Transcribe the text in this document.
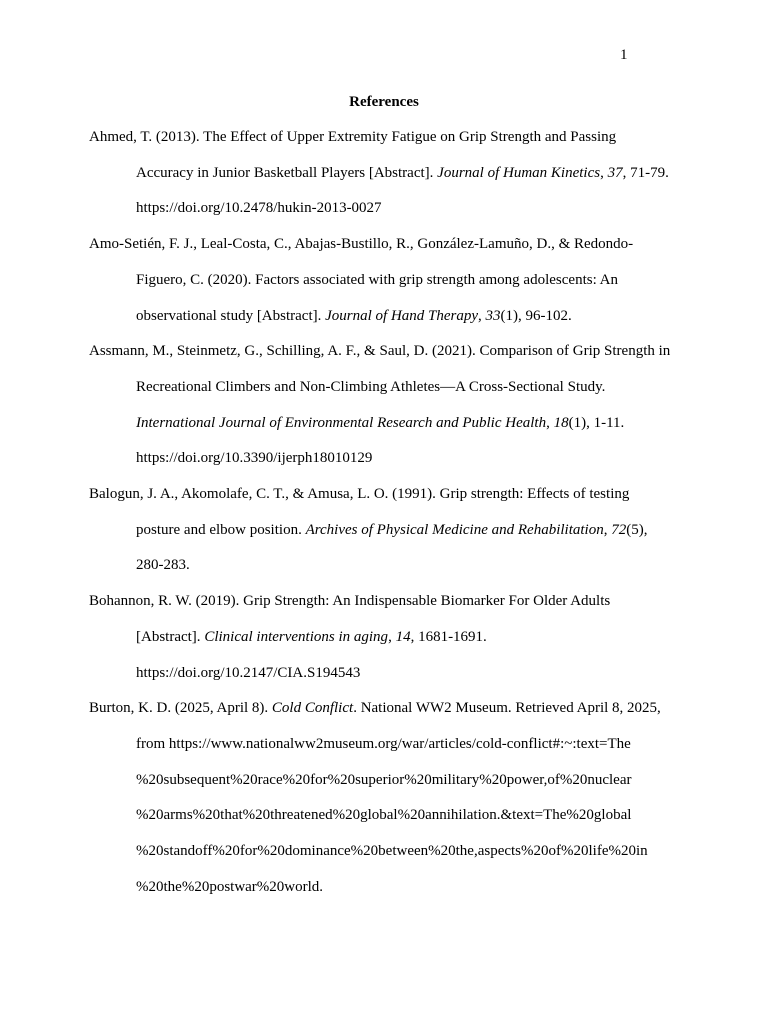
1
References
Ahmed, T. (2013). The Effect of Upper Extremity Fatigue on Grip Strength and Passing
Accuracy in Junior Basketball Players [Abstract]. Journal of Human Kinetics, 37, 71-79.
https://doi.org/10.2478/hukin-2013-0027
Amo-Setién, F. J., Leal-Costa, C., Abajas-Bustillo, R., González-Lamuño, D., & Redondo-
Figuero, C. (2020). Factors associated with grip strength among adolescents: An
observational study [Abstract]. Journal of Hand Therapy, 33(1), 96-102.
Assmann, M., Steinmetz, G., Schilling, A. F., & Saul, D. (2021). Comparison of Grip Strength in
Recreational Climbers and Non-Climbing Athletes—A Cross-Sectional Study.
International Journal of Environmental Research and Public Health, 18(1), 1-11.
https://doi.org/10.3390/ijerph18010129
Balogun, J. A., Akomolafe, C. T., & Amusa, L. O. (1991). Grip strength: Effects of testing
posture and elbow position. Archives of Physical Medicine and Rehabilitation, 72(5),
280-283.
Bohannon, R. W. (2019). Grip Strength: An Indispensable Biomarker For Older Adults
[Abstract]. Clinical interventions in aging, 14, 1681-1691.
https://doi.org/10.2147/CIA.S194543
Burton, K. D. (2025, April 8). Cold Conflict. National WW2 Museum. Retrieved April 8, 2025,
from https://www.nationalww2museum.org/war/articles/cold-conflict#:~:text=The
%20subsequent%20race%20for%20superior%20military%20power,of%20nuclear
%20arms%20that%20threatened%20global%20annihilation.&text=The%20global
%20standoff%20for%20dominance%20between%20the,aspects%20of%20life%20in
%20the%20postwar%20world.
